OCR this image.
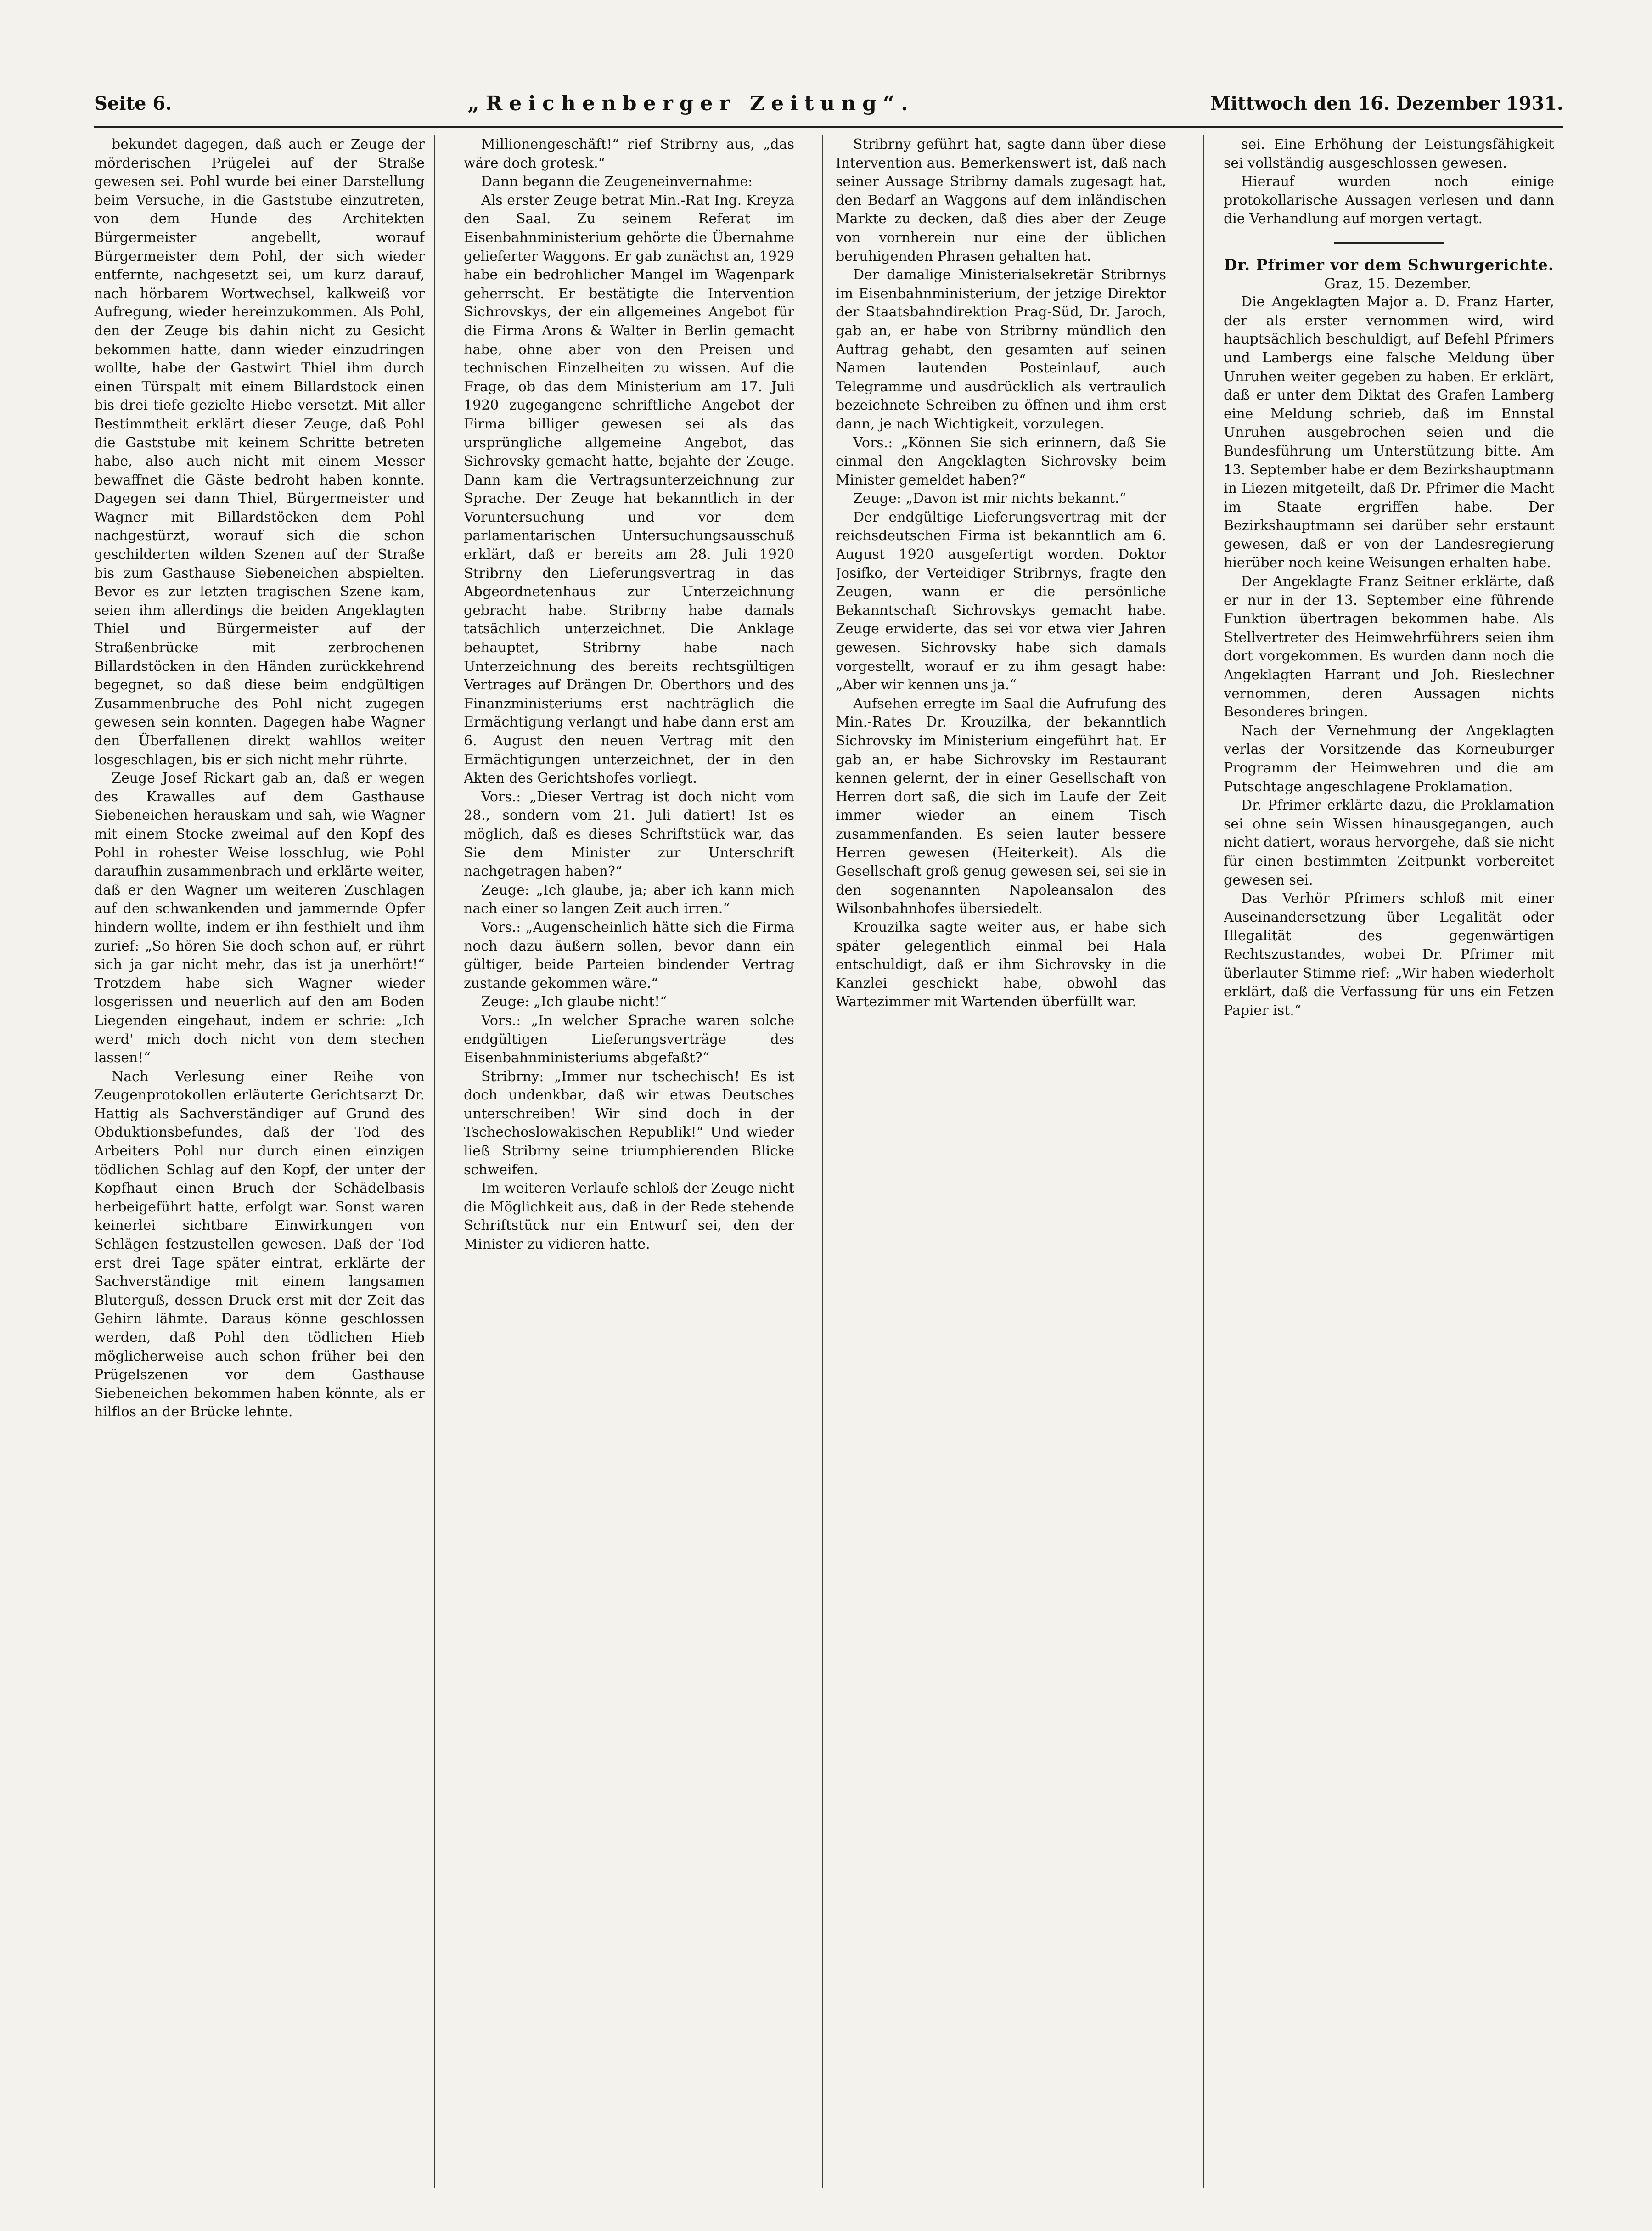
Seite 6.	„Reichenberger Zeitung“.	Mittwoch den 16. Dezember 1931.

bekundet dagegen, daß auch er Zeuge der mörderischen Prügelei auf der Straße gewesen sei. Pohl wurde bei einer Darstellung beim Versuche, in die Gaststube einzutreten, von dem Hunde des Architekten Bürgermeister angebellt, worauf Bürgermeister dem Pohl, der sich wieder entfernte, nachgesetzt sei, um kurz darauf, nach hörbarem Wortwechsel, kalkweiß vor Aufregung, wieder hereinzukommen. Als Pohl, den der Zeuge bis dahin nicht zu Gesicht bekommen hatte, dann wieder einzudringen wollte, habe der Gastwirt Thiel ihm durch einen Türspalt mit einem Billardstock einen bis drei tiefe gezielte Hiebe versetzt. Mit aller Bestimmtheit erklärt dieser Zeuge, daß Pohl die Gaststube mit keinem Schritte betreten habe, also auch nicht mit einem Messer bewaffnet die Gäste bedroht haben konnte. Dagegen sei dann Thiel, Bürgermeister und Wagner mit Billardstöcken dem Pohl nachgestürzt, worauf sich die schon geschilderten wilden Szenen auf der Straße bis zum Gasthause Siebeneichen abspielten. Bevor es zur letzten tragischen Szene kam, seien ihm allerdings die beiden Angeklagten Thiel und Bürgermeister auf der Straßenbrücke mit zerbrochenen Billardstöcken in den Händen zurückkehrend begegnet, so daß diese beim endgültigen Zusammenbruche des Pohl nicht zugegen gewesen sein konnten. Dagegen habe Wagner den Überfallenen direkt wahllos weiter losgeschlagen, bis er sich nicht mehr rührte.

Zeuge Josef Rickart gab an, daß er wegen des Krawalles auf dem Gasthause Siebeneichen herauskam und sah, wie Wagner mit einem Stocke zweimal auf den Kopf des Pohl in rohester Weise losschlug, wie Pohl daraufhin zusammenbrach und erklärte weiter, daß er den Wagner um weiteren Zuschlagen auf den schwankenden und jammernde Opfer hindern wollte, indem er ihn festhielt und ihm zurief: „So hören Sie doch schon auf, er rührt sich ja gar nicht mehr, das ist ja unerhört!“ Trotzdem habe sich Wagner wieder losgerissen und neuerlich auf den am Boden Liegenden eingehaut, indem er schrie: „Ich werd' mich doch nicht von dem stechen lassen!“

Nach Verlesung einer Reihe von Zeugenprotokollen erläuterte Gerichtsarzt Dr. Hattig als Sachverständiger auf Grund des Obduktionsbefundes, daß der Tod des Arbeiters Pohl nur durch einen einzigen tödlichen Schlag auf den Kopf, der unter der Kopfhaut einen Bruch der Schädelbasis herbeigeführt hatte, erfolgt war. Sonst waren keinerlei sichtbare Einwirkungen von Schlägen festzustellen gewesen. Daß der Tod erst drei Tage später eintrat, erklärte der Sachverständige mit einem langsamen Bluterguß, dessen Druck erst mit der Zeit das Gehirn lähmte. Daraus könne geschlossen werden, daß Pohl den tödlichen Hieb möglicherweise auch schon früher bei den Prügelszenen vor dem Gasthause Siebeneichen bekommen haben könnte, als er hilflos an der Brücke lehnte.

Millionengeschäft!“ rief Stribrny aus, „das wäre doch grotesk.“

Dann begann die Zeugeneinvernahme:

Als erster Zeuge betrat Min.-Rat Ing. Kreyza den Saal. Zu seinem Referat im Eisenbahnministerium gehörte die Übernahme gelieferter Waggons. Er gab zunächst an, 1929 habe ein bedrohlicher Mangel im Wagenpark geherrscht. Er bestätigte die Intervention Sichrovskys, der ein allgemeines Angebot für die Firma Arons & Walter in Berlin gemacht habe, ohne aber von den Preisen und technischen Einzelheiten zu wissen. Auf die Frage, ob das dem Ministerium am 17. Juli 1920 zugegangene schriftliche Angebot der Firma billiger gewesen sei als das ursprüngliche allgemeine Angebot, das Sichrovsky gemacht hatte, bejahte der Zeuge. Dann kam die Vertragsunterzeichnung zur Sprache. Der Zeuge hat bekanntlich in der Voruntersuchung und vor dem parlamentarischen Untersuchungsausschuß erklärt, daß er bereits am 28. Juli 1920 Stribrny den Lieferungsvertrag in das Abgeordnetenhaus zur Unterzeichnung gebracht habe. Stribrny habe damals tatsächlich unterzeichnet. Die Anklage behauptet, Stribrny habe nach Unterzeichnung des bereits rechtsgültigen Vertrages auf Drängen Dr. Oberthors und des Finanzministeriums erst nachträglich die Ermächtigung verlangt und habe dann erst am 6. August den neuen Vertrag mit den Ermächtigungen unterzeichnet, der in den Akten des Gerichtshofes vorliegt.

Vors.: „Dieser Vertrag ist doch nicht vom 28., sondern vom 21. Juli datiert! Ist es möglich, daß es dieses Schriftstück war, das Sie dem Minister zur Unterschrift nachgetragen haben?“

Zeuge: „Ich glaube, ja; aber ich kann mich nach einer so langen Zeit auch irren.“

Vors.: „Augenscheinlich hätte sich die Firma noch dazu äußern sollen, bevor dann ein gültiger, beide Parteien bindender Vertrag zustande gekommen wäre.“

Zeuge: „Ich glaube nicht!“

Vors.: „In welcher Sprache waren solche endgültigen Lieferungsverträge des Eisenbahnministeriums abgefaßt?“

Stribrny: „Immer nur tschechisch! Es ist doch undenkbar, daß wir etwas Deutsches unterschreiben! Wir sind doch in der Tschechoslowakischen Republik!“ Und wieder ließ Stribrny seine triumphierenden Blicke schweifen.

Im weiteren Verlaufe schloß der Zeuge nicht die Möglichkeit aus, daß in der Rede stehende Schriftstück nur ein Entwurf sei, den der Minister zu vidieren hatte.

Stribrny geführt hat, sagte dann über diese Intervention aus. Bemerkenswert ist, daß nach seiner Aussage Stribrny damals zugesagt hat, den Bedarf an Waggons auf dem inländischen Markte zu decken, daß dies aber der Zeuge von vornherein nur eine der üblichen beruhigenden Phrasen gehalten hat.

Der damalige Ministerialsekretär Stribrnys im Eisenbahnministerium, der jetzige Direktor der Staatsbahndirektion Prag-Süd, Dr. Jaroch, gab an, er habe von Stribrny mündlich den Auftrag gehabt, den gesamten auf seinen Namen lautenden Posteinlauf, auch Telegramme und ausdrücklich als vertraulich bezeichnete Schreiben zu öffnen und ihm erst dann, je nach Wichtigkeit, vorzulegen.

Vors.: „Können Sie sich erinnern, daß Sie einmal den Angeklagten Sichrovsky beim Minister gemeldet haben?“

Zeuge: „Davon ist mir nichts bekannt.“

Der endgültige Lieferungsvertrag mit der reichsdeutschen Firma ist bekanntlich am 6. August 1920 ausgefertigt worden. Doktor Josifko, der Verteidiger Stribrnys, fragte den Zeugen, wann er die persönliche Bekanntschaft Sichrovskys gemacht habe. Zeuge erwiderte, das sei vor etwa vier Jahren gewesen. Sichrovsky habe sich damals vorgestellt, worauf er zu ihm gesagt habe: „Aber wir kennen uns ja.“

Aufsehen erregte im Saal die Aufrufung des Min.-Rates Dr. Krouzilka, der bekanntlich Sichrovsky im Ministerium eingeführt hat. Er gab an, er habe Sichrovsky im Restaurant kennen gelernt, der in einer Gesellschaft von Herren dort saß, die sich im Laufe der Zeit immer wieder an einem Tisch zusammenfanden. Es seien lauter bessere Herren gewesen (Heiterkeit). Als die Gesellschaft groß genug gewesen sei, sei sie in den sogenannten Napoleansalon des Wilsonbahnhofes übersiedelt.

Krouzilka sagte weiter aus, er habe sich später gelegentlich einmal bei Hala entschuldigt, daß er ihm Sichrovsky in die Kanzlei geschickt habe, obwohl das Wartezimmer mit Wartenden überfüllt war.

sei. Eine Erhöhung der Leistungsfähigkeit sei vollständig ausgeschlossen gewesen.

Hierauf wurden noch einige protokollarische Aussagen verlesen und dann die Verhandlung auf morgen vertagt.

Dr. Pfrimer vor dem Schwurgerichte.

Graz, 15. Dezember.

Die Angeklagten Major a. D. Franz Harter, der als erster vernommen wird, wird hauptsächlich beschuldigt, auf Befehl Pfrimers und Lambergs eine falsche Meldung über Unruhen weiter gegeben zu haben. Er erklärt, daß er unter dem Diktat des Grafen Lamberg eine Meldung schrieb, daß im Ennstal Unruhen ausgebrochen seien und die Bundesführung um Unterstützung bitte. Am 13. September habe er dem Bezirkshauptmann in Liezen mitgeteilt, daß Dr. Pfrimer die Macht im Staate ergriffen habe. Der Bezirkshauptmann sei darüber sehr erstaunt gewesen, daß er von der Landesregierung hierüber noch keine Weisungen erhalten habe.

Der Angeklagte Franz Seitner erklärte, daß er nur in der 13. September eine führende Funktion übertragen bekommen habe. Als Stellvertreter des Heimwehrführers seien ihm dort vorgekommen. Es wurden dann noch die Angeklagten Harrant und Joh. Rieslechner vernommen, deren Aussagen nichts Besonderes bringen.

Nach der Vernehmung der Angeklagten verlas der Vorsitzende das Korneuburger Programm der Heimwehren und die am Putschtage angeschlagene Proklamation.

Dr. Pfrimer erklärte dazu, die Proklamation sei ohne sein Wissen hinausgegangen, auch nicht datiert, woraus hervorgehe, daß sie nicht für einen bestimmten Zeitpunkt vorbereitet gewesen sei.

Das Verhör Pfrimers schloß mit einer Auseinandersetzung über Legalität oder Illegalität des gegenwärtigen Rechtszustandes, wobei Dr. Pfrimer mit überlauter Stimme rief: „Wir haben wiederholt erklärt, daß die Verfassung für uns ein Fetzen Papier ist.“
